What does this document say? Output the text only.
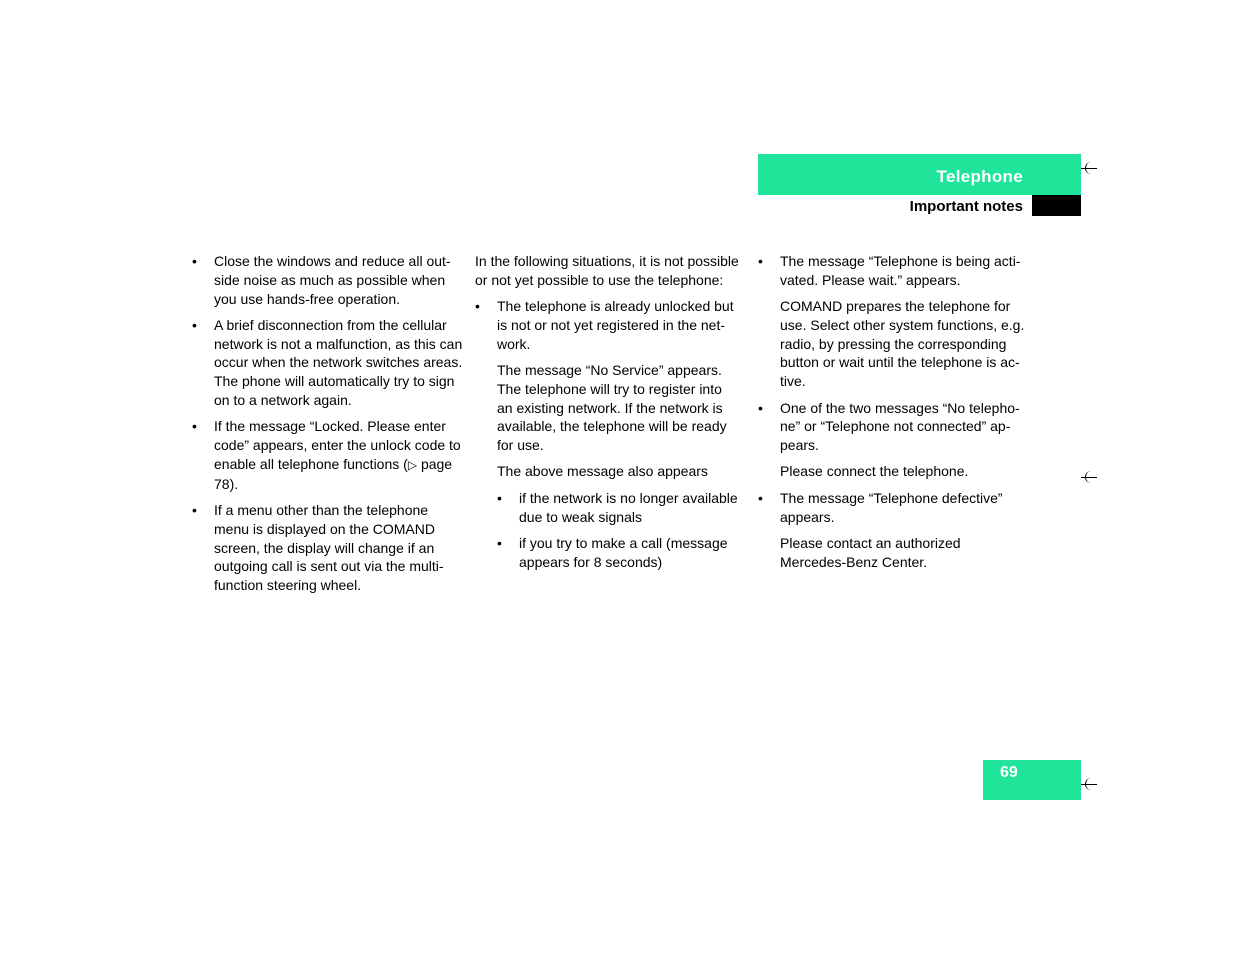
Telephone
Important notes
• Close the windows and reduce all out-side noise as much as possible when you use hands-free operation.
• A brief disconnection from the cellular network is not a malfunction, as this can occur when the network switches areas. The phone will automatically try to sign on to a network again.
• If the message “Locked. Please enter code” appears, enter the unlock code to enable all telephone functions (▷ page 78).
• If a menu other than the telephone menu is displayed on the COMAND screen, the display will change if an outgoing call is sent out via the multi-function steering wheel.

In the following situations, it is not possible or not yet possible to use the telephone:

• The telephone is already unlocked but is not or not yet registered in the net-work.

The message “No Service” appears. The telephone will try to register into an existing network. If the network is available, the telephone will be ready for use.

The above message also appears

• if the network is no longer available due to weak signals
• if you try to make a call (message appears for 8 seconds)
• The message “Telephone is being acti-vated. Please wait.” appears.

COMAND prepares the telephone for use. Select other system functions, e.g. radio, by pressing the corresponding button or wait until the telephone is ac-tive.

• One of the two messages “No telepho-ne” or “Telephone not connected” ap-pears.

Please connect the telephone.

• The message “Telephone defective” appears.

Please contact an authorized Mercedes-Benz Center.

69
